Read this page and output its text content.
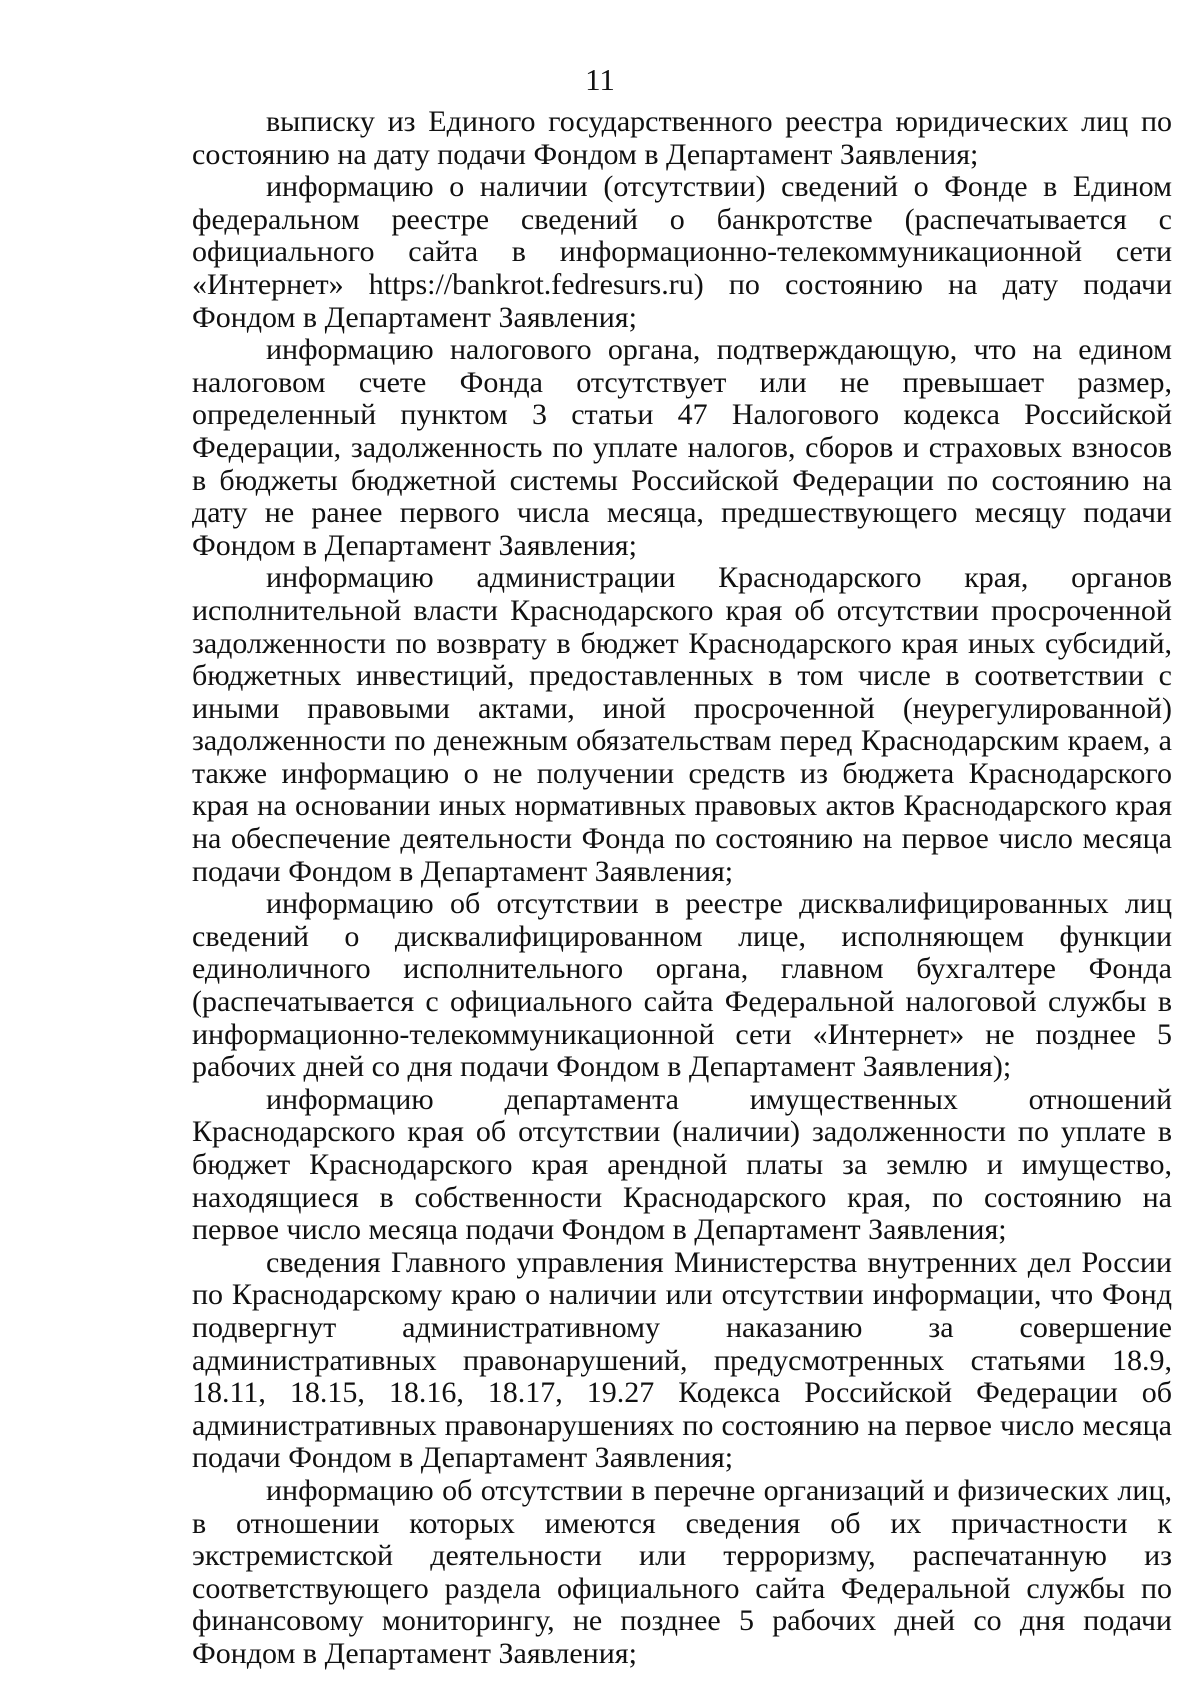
11

выписку из Единого государственного реестра юридических лиц по состоянию на дату подачи Фондом в Департамент Заявления;

информацию о наличии (отсутствии) сведений о Фонде в Едином федеральном реестре сведений о банкротстве (распечатывается с официального сайта в информационно-телекоммуникационной сети «Интернет» https://bankrot.fedresurs.ru) по состоянию на дату подачи Фондом в Департамент Заявления;

информацию налогового органа, подтверждающую, что на едином налоговом счете Фонда отсутствует или не превышает размер, определенный пунктом 3 статьи 47 Налогового кодекса Российской Федерации, задолженность по уплате налогов, сборов и страховых взносов в бюджеты бюджетной системы Российской Федерации по состоянию на дату не ранее первого числа месяца, предшествующего месяцу подачи Фондом в Департамент Заявления;

информацию администрации Краснодарского края, органов исполнительной власти Краснодарского края об отсутствии просроченной задолженности по возврату в бюджет Краснодарского края иных субсидий, бюджетных инвестиций, предоставленных в том числе в соответствии с иными правовыми актами, иной просроченной (неурегулированной) задолженности по денежным обязательствам перед Краснодарским краем, а также информацию о не получении средств из бюджета Краснодарского края на основании иных нормативных правовых актов Краснодарского края на обеспечение деятельности Фонда по состоянию на первое число месяца подачи Фондом в Департамент Заявления;

информацию об отсутствии в реестре дисквалифицированных лиц сведений о дисквалифицированном лице, исполняющем функции единоличного исполнительного органа, главном бухгалтере Фонда (распечатывается с официального сайта Федеральной налоговой службы в информационно-телекоммуникационной сети «Интернет» не позднее 5 рабочих дней со дня подачи Фондом в Департамент Заявления);

информацию департамента имущественных отношений Краснодарского края об отсутствии (наличии) задолженности по уплате в бюджет Краснодарского края арендной платы за землю и имущество, находящиеся в собственности Краснодарского края, по состоянию на первое число месяца подачи Фондом в Департамент Заявления;

сведения Главного управления Министерства внутренних дел России по Краснодарскому краю о наличии или отсутствии информации, что Фонд подвергнут административному наказанию за совершение административных правонарушений, предусмотренных статьями 18.9, 18.11, 18.15, 18.16, 18.17, 19.27 Кодекса Российской Федерации об административных правонарушениях по состоянию на первое число месяца подачи Фондом в Департамент Заявления;

информацию об отсутствии в перечне организаций и физических лиц, в отношении которых имеются сведения об их причастности к экстремистской деятельности или терроризму, распечатанную из соответствующего раздела официального сайта Федеральной службы по финансовому мониторингу, не позднее 5 рабочих дней со дня подачи Фондом в Департамент Заявления;
